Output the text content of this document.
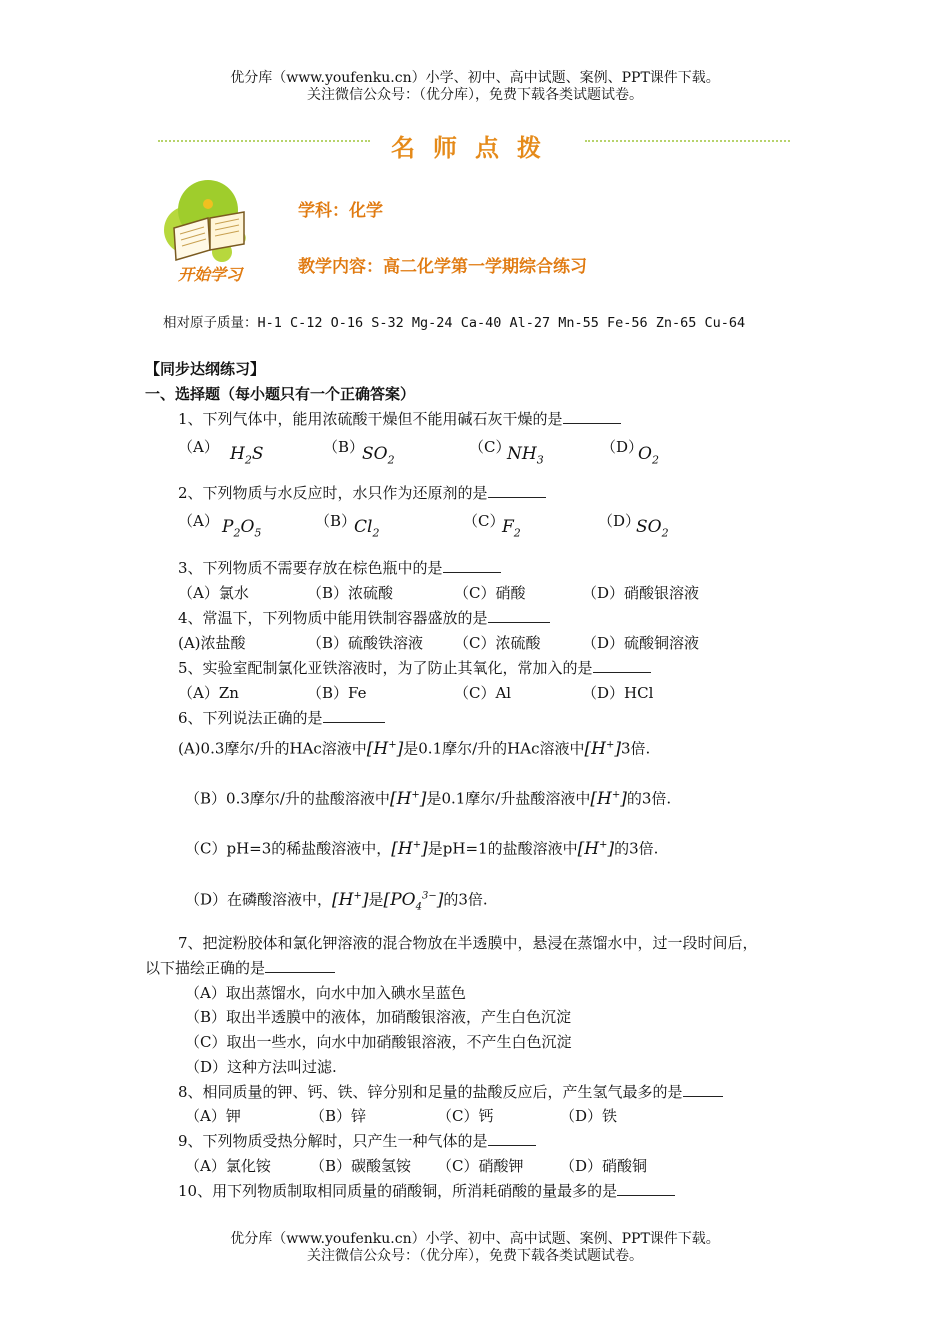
优分库（www.youfenku.cn）小学、初中、高中试题、案例、PPT课件下载。
关注微信公众号：（优分库），免费下载各类试题试卷。
名师点拨
开始学习
学科：化学
教学内容：高二化学第一学期综合练习
相对原子质量：H-1 C-12 O-16 S-32 Mg-24 Ca-40 Al-27 Mn-55 Fe-56 Zn-65 Cu-64
【同步达纲练习】
一、选择题（每小题只有一个正确答案）
1、下列气体中，能用浓硫酸干燥但不能用碱石灰干燥的是
（A） $H_2S$	（B）
$SO_2$
（C）
$NH_3$
（D）
$O_2$
2、下列物质与水反应时，水只作为还原剂的是
（A） $P_2O_5$
（B）
$Cl_2$
（C）
$F_2$
（D）
$SO_2$
3、下列物质不需要存放在棕色瓶中的是
（A）氯水	（B）浓硫酸	（C）硝酸	（D）硝酸银溶液
4、常温下，下列物质中能用铁制容器盛放的是
(A)浓盐酸	（B）硫酸铁溶液 （C）浓硫酸	（D）硫酸铜溶液
5、实验室配制氯化亚铁溶液时，为了防止其氧化，常加入的是
（A）Zn	（B）Fe	（C）Al	（D）HCl
6、下列说法正确的是
(A)0.3摩尔/升的HAc溶液中[H+]是0.1摩尔/升的HAc溶液中[H+]3倍.
（B）0.3摩尔/升的盐酸溶液中[H+]是0.1摩尔/升盐酸溶液中[H+]的3倍.
（C）pH=3的稀盐酸溶液中，[H+]是pH=1的盐酸溶液中[H+]的3倍.
（D）在磷酸溶液中，[H+]是$[PO_4^{3-}]$的3倍.
7、把淀粉胶体和氯化钾溶液的混合物放在半透膜中，悬浸在蒸馏水中，过一段时间后，
以下描绘正确的是
（A）取出蒸馏水，向水中加入碘水呈蓝色
（B）取出半透膜中的液体，加硝酸银溶液，产生白色沉淀
（C）取出一些水，向水中加硝酸银溶液，不产生白色沉淀
（D）这种方法叫过滤.
8、相同质量的钾、钙、铁、锌分别和足量的盐酸反应后，产生氢气最多的是
（A）钾	（B）锌	（C）钙	（D）铁
9、下列物质受热分解时，只产生一种气体的是
（A）氯化铵	（B）碳酸氢铵 （C）硝酸钾 （D）硝酸铜
10、用下列物质制取相同质量的硝酸铜，所消耗硝酸的量最多的是
优分库（www.youfenku.cn）小学、初中、高中试题、案例、PPT课件下载。
关注微信公众号：（优分库），免费下载各类试题试卷。
